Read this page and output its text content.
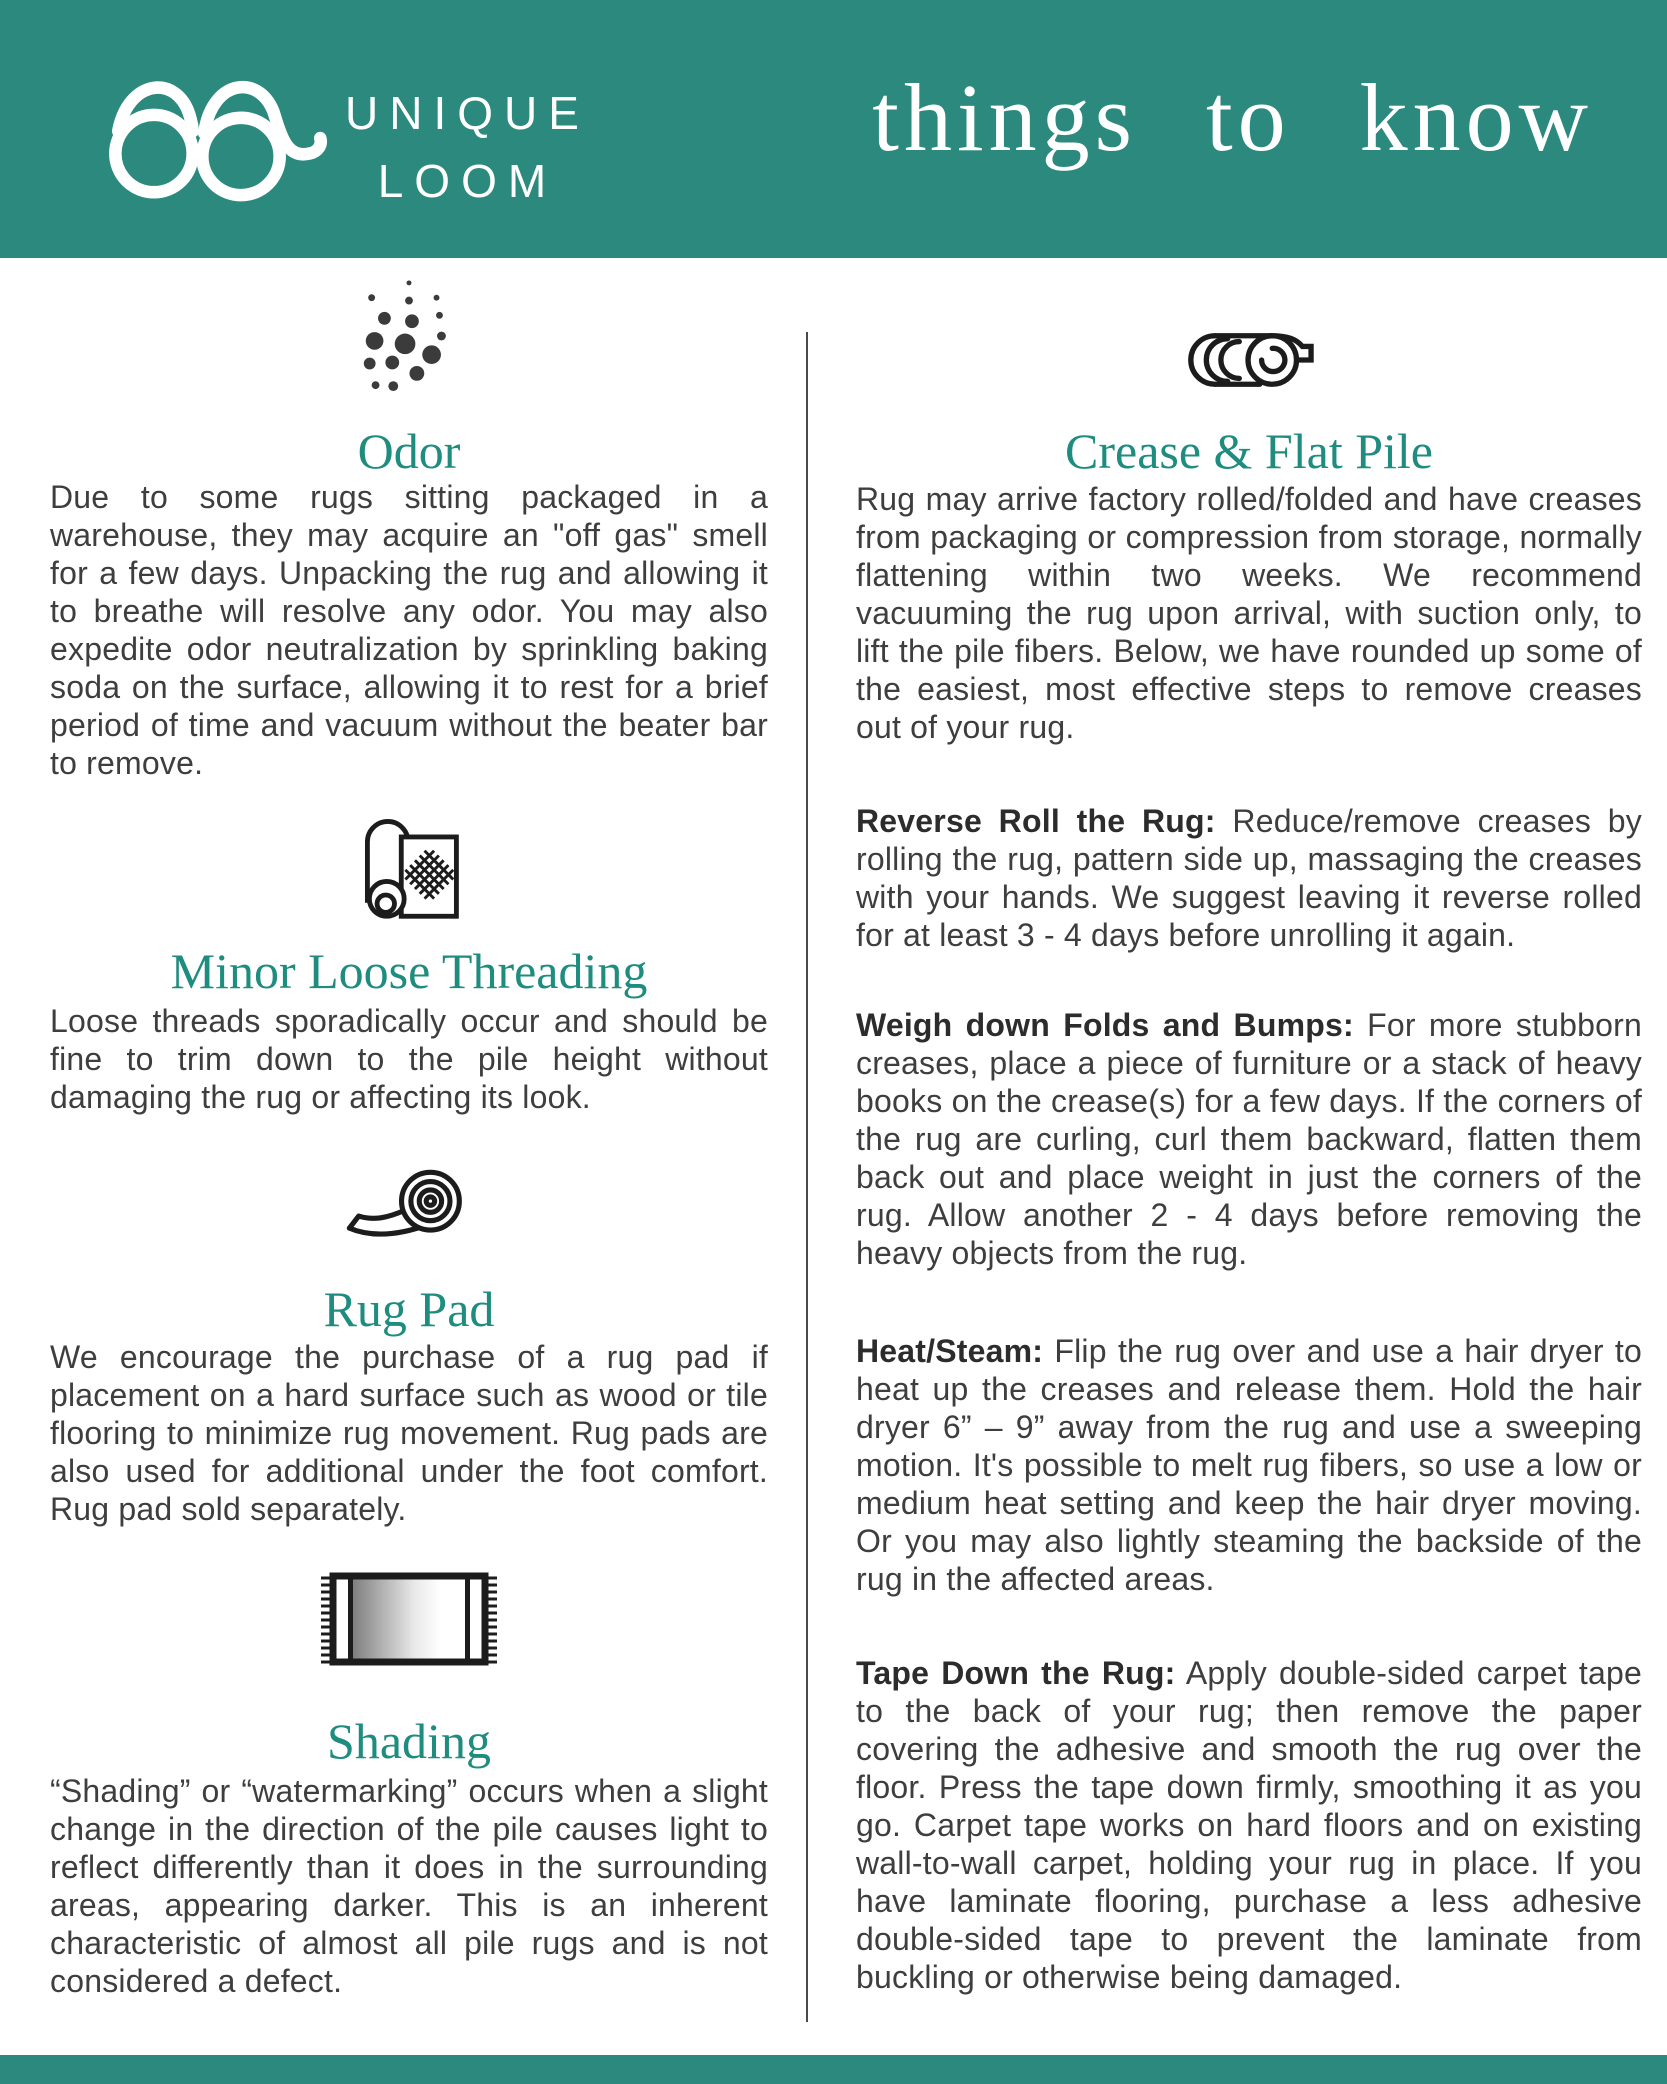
UNIQUE
LOOM
things to know
Odor

Due to some rugs sitting packaged in a warehouse, they may acquire an "off gas" smell for a few days. Unpacking the rug and allowing it to breathe will resolve any odor. You may also expedite odor neutralization by sprinkling baking soda on the surface, allowing it to rest for a brief period of time and vacuum without the beater bar to remove.

Minor Loose Threading

Loose threads sporadically occur and should be fine to trim down to the pile height without damaging the rug or affecting its look.

Rug Pad

We encourage the purchase of a rug pad if placement on a hard surface such as wood or tile flooring to minimize rug movement. Rug pads are also used for additional under the foot comfort. Rug pad sold separately.

Shading

“Shading” or “watermarking” occurs when a slight change in the direction of the pile causes light to reflect differently than it does in the surrounding areas, appearing darker. This is an inherent characteristic of almost all pile rugs and is not considered a defect.

Crease & Flat Pile

Rug may arrive factory rolled/folded and have creases from packaging or compression from storage, normally flattening within two weeks. We recommend vacuuming the rug upon arrival, with suction only, to lift the pile fibers. Below, we have rounded up some of the easiest, most effective steps to remove creases out of your rug.

Reverse Roll the Rug: Reduce/remove creases by rolling the rug, pattern side up, massaging the creases with your hands. We suggest leaving it reverse rolled for at least 3 - 4 days before unrolling it again.

Weigh down Folds and Bumps: For more stubborn creases, place a piece of furniture or a stack of heavy books on the crease(s) for a few days. If the corners of the rug are curling, curl them backward, flatten them back out and place weight in just the corners of the rug. Allow another 2 - 4 days before removing the heavy objects from the rug.

Heat/Steam: Flip the rug over and use a hair dryer to heat up the creases and release them. Hold the hair dryer 6” – 9” away from the rug and use a sweeping motion. It's possible to melt rug fibers, so use a low or medium heat setting and keep the hair dryer moving. Or you may also lightly steaming the backside of the rug in the affected areas.

Tape Down the Rug: Apply double-sided carpet tape to the back of your rug; then remove the paper covering the adhesive and smooth the rug over the floor. Press the tape down firmly, smoothing it as you go. Carpet tape works on hard floors and on existing wall-to-wall carpet, holding your rug in place. If you have laminate flooring, purchase a less adhesive double-sided tape to prevent the laminate from buckling or otherwise being damaged.
